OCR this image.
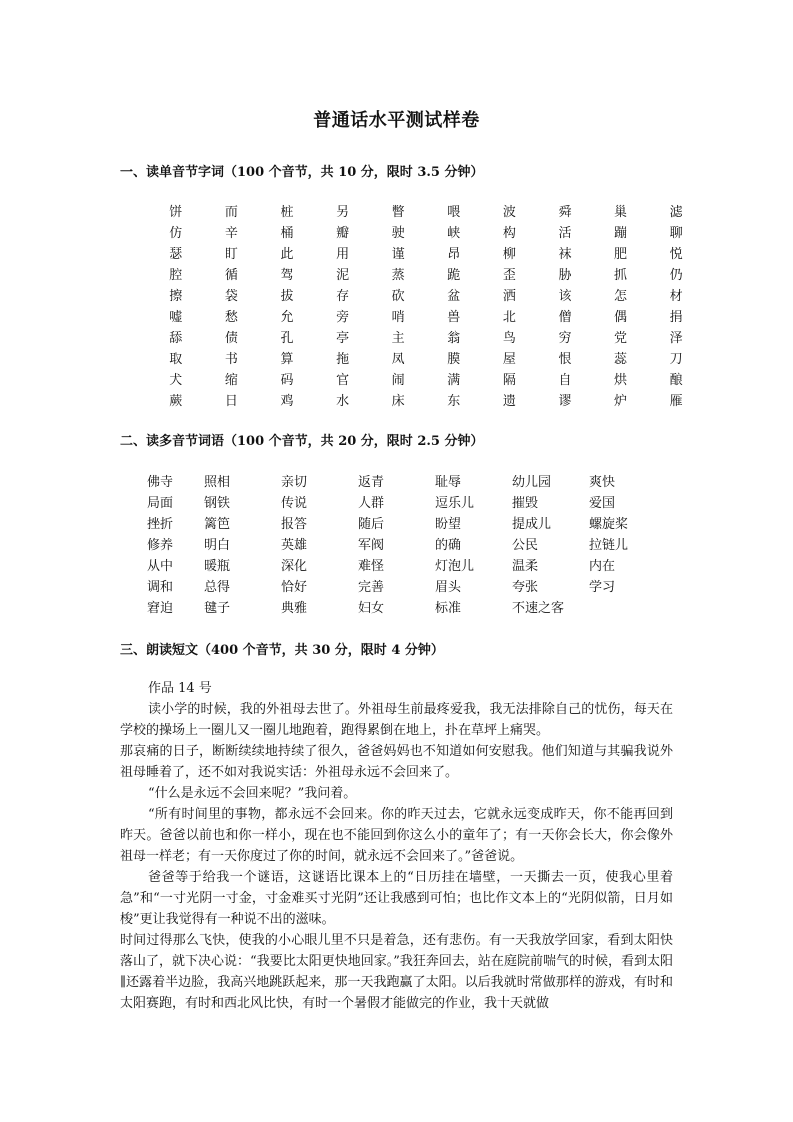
普通话水平测试样卷
一、读单音节字词（100 个音节，共 10 分，限时 3.5 分钟）
饼	而	桩	另	瞥	喂	波	舜	巢	滤
仿	辛	桶	瓣	驶	峡	构	活	蹦	聊
瑟	盯	此	用	谨	昂	柳	袜	肥	悦
腔	循	驾	泥	蒸	跪	歪	胁	抓	仍
擦	袋	拔	存	砍	盆	洒	该	怎	材
嘘	愁	允	旁	哨	兽	北	僧	偶	捐
舔	债	孔	亭	主	翁	鸟	穷	党	泽
取	书	算	拖	凤	膜	屋	恨	蕊	刀
犬	缩	码	官	闹	满	隔	自	烘	酿
蕨	日	鸡	水	床	东	遗	谬	炉	雁
二、读多音节词语（100 个音节，共 20 分，限时 2.5 分钟）
佛寺	照相	亲切	返青	耻辱	幼儿园	爽快
局面	钢铁	传说	人群	逗乐儿	摧毁	爱国
挫折	篱笆	报答	随后	盼望	提成儿	螺旋桨
修养	明白	英雄	军阀	的确	公民	拉链儿
从中	暖瓶	深化	难怪	灯泡儿	温柔	内在
调和	总得	恰好	完善	眉头	夸张	学习
窘迫	毽子	典雅	妇女	标准	不速之客
三、朗读短文（400 个音节，共 30 分，限时 4 分钟）

作品 14 号

读小学的时候，我的外祖母去世了。外祖母生前最疼爱我，我无法排除自己的忧伤，每天在学校的操场上一圈儿又一圈儿地跑着，跑得累倒在地上，扑在草坪上痛哭。

那哀痛的日子，断断续续地持续了很久，爸爸妈妈也不知道如何安慰我。他们知道与其骗我说外祖母睡着了，还不如对我说实话：外祖母永远不会回来了。

“什么是永远不会回来呢？”我问着。

“所有时间里的事物，都永远不会回来。你的昨天过去，它就永远变成昨天，你不能再回到昨天。爸爸以前也和你一样小，现在也不能回到你这么小的童年了；有一天你会长大，你会像外祖母一样老；有一天你度过了你的时间，就永远不会回来了。”爸爸说。

爸爸等于给我一个谜语，这谜语比课本上的“日历挂在墙壁，一天撕去一页，使我心里着急”和“一寸光阴一寸金，寸金难买寸光阴”还让我感到可怕；也比作文本上的“光阴似箭，日月如梭”更让我觉得有一种说不出的滋味。

时间过得那么飞快，使我的小心眼儿里不只是着急，还有悲伤。有一天我放学回家，看到太阳快落山了，就下决心说：“我要比太阳更快地回家。”我狂奔回去，站在庭院前喘气的时候，看到太阳∥还露着半边脸，我高兴地跳跃起来，那一天我跑赢了太阳。以后我就时常做那样的游戏，有时和太阳赛跑，有时和西北风比快，有时一个暑假才能做完的作业，我十天就做
